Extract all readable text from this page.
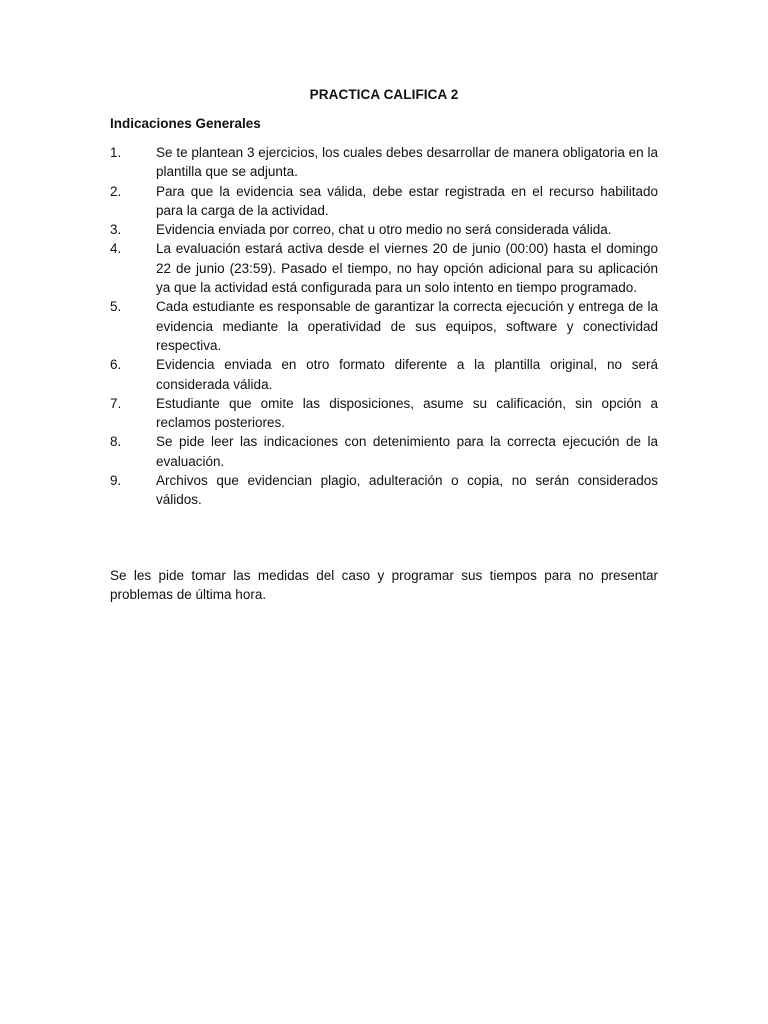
PRACTICA CALIFICA 2
Indicaciones Generales
1.	Se te plantean 3 ejercicios, los cuales debes desarrollar de manera obligatoria en la plantilla que se adjunta.
2.	Para que la evidencia sea válida, debe estar registrada en el recurso habilitado para la carga de la actividad.
3.	Evidencia enviada por correo, chat u otro medio no será considerada válida.
4.	La evaluación estará activa desde el viernes 20 de junio (00:00) hasta el domingo 22 de junio (23:59). Pasado el tiempo, no hay opción adicional para su aplicación ya que la actividad está configurada para un solo intento en tiempo programado.
5.	Cada estudiante es responsable de garantizar la correcta ejecución y entrega de la evidencia mediante la operatividad de sus equipos, software y conectividad respectiva.
6.	Evidencia enviada en otro formato diferente a la plantilla original, no será considerada válida.
7.	Estudiante que omite las disposiciones, asume su calificación, sin opción a reclamos posteriores.
8.	Se pide leer las indicaciones con detenimiento para la correcta ejecución de la evaluación.
9.	Archivos que evidencian plagio, adulteración o copia, no serán considerados válidos.

Se les pide tomar las medidas del caso y programar sus tiempos para no presentar problemas de última hora.
